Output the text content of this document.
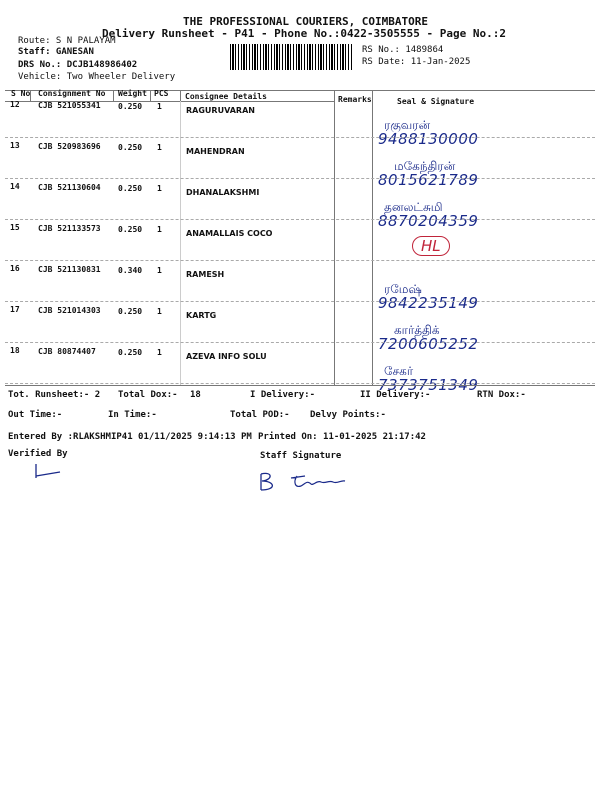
THE PROFESSIONAL COURIERS, COIMBATORE
Delivery Runsheet - P41 - Phone No.:0422-3505555 - Page No.:2
Route: S N PALAYAM
Staff: GANESAN
DRS No.: DCJB148986402
Vehicle: Two Wheeler Delivery
RS No.: 1489864
RS Date: 11-Jan-2025
S No Consignment No Weight PCS Consignee Details	Remarks	Seal & Signature
12 CJB 521055341 0.250 1	RAGURUVARAN
ரகுவரன்
9488130000
13 CJB 520983696 0.250 1	MAHENDRAN
மகேந்திரன்
8015621789
14 CJB 521130604 0.250 1	DHANALAKSHMI
தனலட்சுமி
8870204359
15 CJB 521133573 0.250 1	ANAMALLAIS COCO
HL
16 CJB 521130831 0.340 1	RAMESH
ரமேஷ்
9842235149
17 CJB 521014303 0.250 1	KARTG
கார்த்திக்
7200605252
18 CJB 80874407	0.250 1	AZEVA INFO SOLU
சேகர்
7373751349
Tot. Runsheet:- 2 Total Dox:- 18	I Delivery:-	II Delivery:-	RTN Dox:-
Out Time:-	In Time:-	Total POD:- Delvy Points:-
Entered By :RLAKSHMIP41 01/11/2025 9:14:13 PM Printed On: 11-01-2025 21:17:42
Verified By	Staff Signature
